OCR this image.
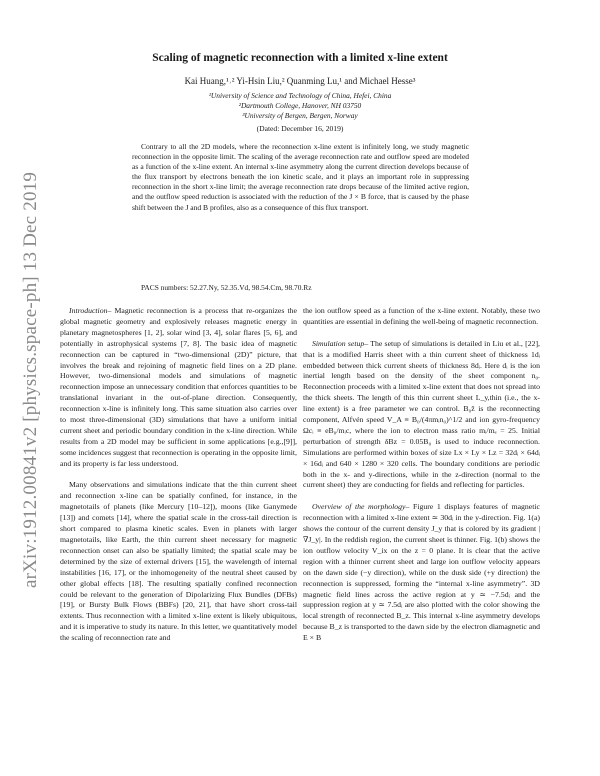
arXiv:1912.00841v2 [physics.space-ph] 13 Dec 2019
Scaling of magnetic reconnection with a limited x-line extent
Kai Huang,¹˒² Yi-Hsin Liu,² Quanming Lu,¹ and Michael Hesse³
¹University of Science and Technology of China, Hefei, China
²Dartmouth College, Hanover, NH 03750
³University of Bergen, Bergen, Norway
(Dated: December 16, 2019)

Contrary to all the 2D models, where the reconnection x-line extent is infinitely long, we study magnetic reconnection in the opposite limit. The scaling of the average reconnection rate and outflow speed are modeled as a function of the x-line extent. An internal x-line asymmetry along the current direction develops because of the flux transport by electrons beneath the ion kinetic scale, and it plays an important role in suppressing reconnection in the short x-line limit; the average reconnection rate drops because of the limited active region, and the outflow speed reduction is associated with the reduction of the J × B force, that is caused by the phase shift between the J and B profiles, also as a consequence of this flux transport.

PACS numbers: 52.27.Ny, 52.35.Vd, 98.54.Cm, 98.70.Rz

Introduction– Magnetic reconnection is a process that re-organizes the global magnetic geometry and explosively releases magnetic energy in planetary magnetospheres [1, 2], solar wind [3, 4], solar flares [5, 6], and potentially in astrophysical systems [7, 8]. The basic idea of magnetic reconnection can be captured in “two-dimensional (2D)” picture, that involves the break and rejoining of magnetic field lines on a 2D plane. However, two-dimensional models and simulations of magnetic reconnection impose an unnecessary condition that enforces quantities to be translational invariant in the out-of-plane direction. Consequently, reconnection x-line is infinitely long. This same situation also carries over to most three-dimensional (3D) simulations that have a uniform initial current sheet and periodic boundary condition in the x-line direction. While results from a 2D model may be sufficient in some applications [e.g.,[9]], some incidences suggest that reconnection is operating in the opposite limit, and its property is far less understood.

Many observations and simulations indicate that the thin current sheet and reconnection x-line can be spatially confined, for instance, in the magnetotails of planets (like Mercury [10–12]), moons (like Ganymede [13]) and comets [14], where the spatial scale in the cross-tail direction is short compared to plasma kinetic scales. Even in planets with larger magnetotails, like Earth, the thin current sheet necessary for magnetic reconnection onset can also be spatially limited; the spatial scale may be determined by the size of external drivers [15], the wavelength of internal instabilities [16, 17], or the inhomogeneity of the neutral sheet caused by other global effects [18]. The resulting spatially confined reconnection could be relevant to the generation of Dipolarizing Flux Bundles (DFBs) [19], or Bursty Bulk Flows (BBFs) [20, 21], that have short cross-tail extents. Thus reconnection with a limited x-line extent is likely ubiquitous, and it is imperative to study its nature. In this letter, we quantitatively model the scaling of reconnection rate and

the ion outflow speed as a function of the x-line extent. Notably, these two quantities are essential in defining the well-being of magnetic reconnection.

Simulation setup– The setup of simulations is detailed in Liu et al., [22], that is a modified Harris sheet with a thin current sheet of thickness 1dᵢ embedded between thick current sheets of thickness 8dᵢ. Here dᵢ is the ion inertial length based on the density of the sheet component n₀. Reconnection proceeds with a limited x-line extent that does not spread into the thick sheets. The length of this thin current sheet L_y,thin (i.e., the x-line extent) is a free parameter we can control. B₀ẑ is the reconnecting component, Alfvén speed V_A ≡ B₀/(4πmᵢn₀)^1/2 and ion gyro-frequency Ωcᵢ ≡ eB₀/mᵢc, where the ion to electron mass ratio mᵢ/mₑ = 25. Initial perturbation of strength δBz = 0.05B₀ is used to induce reconnection. Simulations are performed within boxes of size Lx × Ly × Lz = 32dᵢ × 64dᵢ × 16dᵢ and 640 × 1280 × 320 cells. The boundary conditions are periodic both in the x- and y-directions, while in the z-direction (normal to the current sheet) they are conducting for fields and reflecting for particles.

Overview of the morphology– Figure 1 displays features of magnetic reconnection with a limited x-line extent ≃ 30dᵢ in the y-direction. Fig. 1(a) shows the contour of the current density J_y that is colored by its gradient |∇J_y|. In the reddish region, the current sheet is thinner. Fig. 1(b) shows the ion outflow velocity V_ix on the z = 0 plane. It is clear that the active region with a thinner current sheet and large ion outflow velocity appears on the dawn side (−y direction), while on the dusk side (+y direction) the reconnection is suppressed, forming the “internal x-line asymmetry”. 3D magnetic field lines across the active region at y ≃ −7.5dᵢ and the suppression region at y ≃ 7.5dᵢ are also plotted with the color showing the local strength of reconnected B_z. This internal x-line asymmetry develops because B_z is transported to the dawn side by the electron diamagnetic and E × B
